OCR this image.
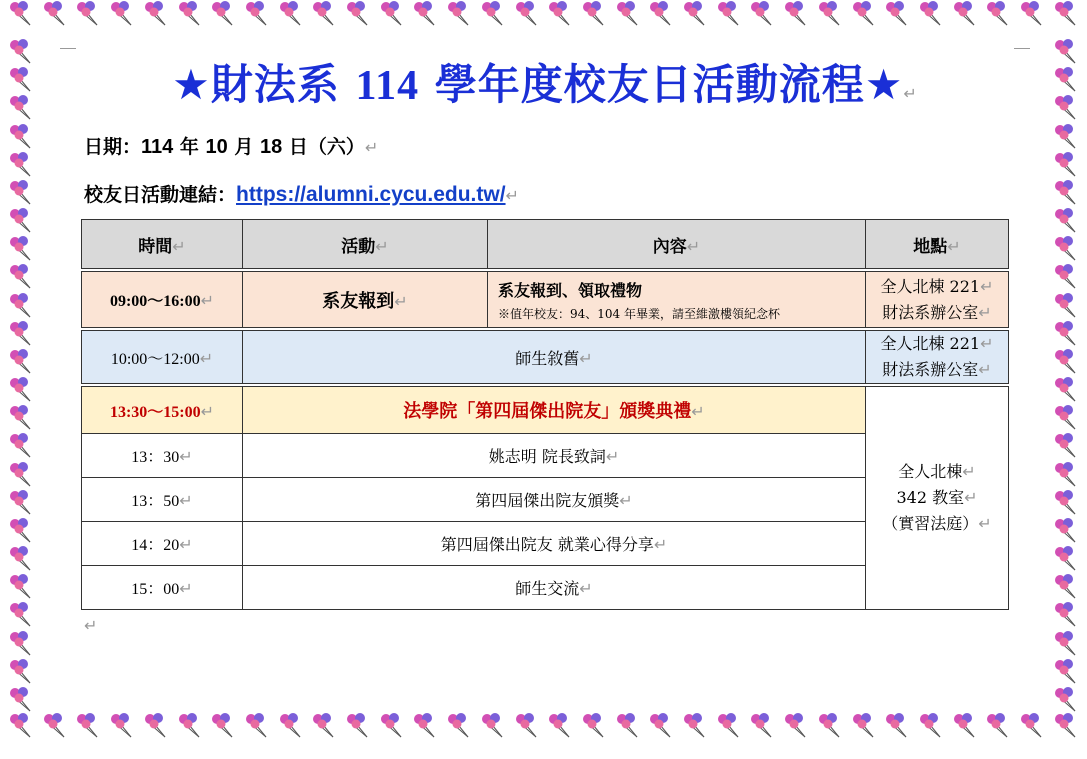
★財法系 114 學年度校友日活動流程★↵
日期：114 年 10 月 18 日（六）↵
校友日活動連結：https://alumni.cycu.edu.tw/↵
時間↵	活動↵	內容↵	地點↵

09:00～16:00↵	系友報到↵	系友報到、領取禮物
※值年校友：94、104 年畢業，請至維激樓領紀念杯	全人北棟 221↵
財法系辦公室↵

10:00～12:00↵	師生敘舊↵		全人北棟 221↵
財法系辦公室↵

13:30～15:00↵	法學院「第四屆傑出院友」頒獎典禮↵		全人北棟↵
342 教室↵
（實習法庭）↵
13：30↵	姚志明 院長致詞↵		
13：50↵	第四屆傑出院友頒獎↵		
14：20↵	第四屆傑出院友 就業心得分享↵		
15：00↵	師生交流↵		
↵
